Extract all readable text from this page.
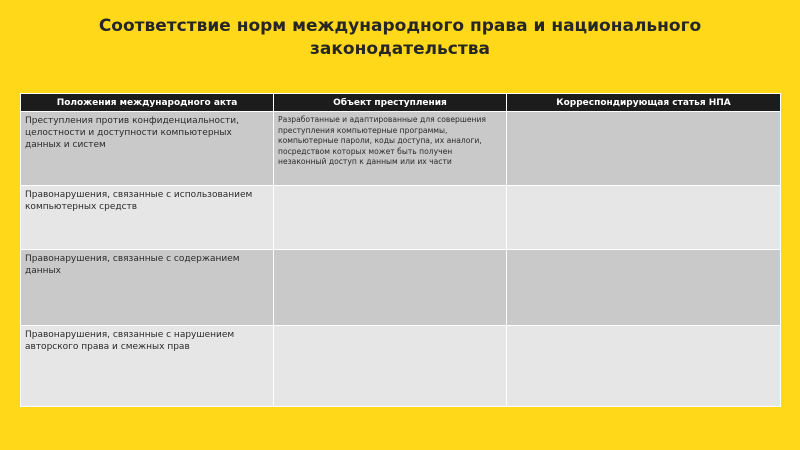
Соответствие норм международного права и национального законодательства
Положения международного акта	Объект преступления	Корреспондирующая статья НПА
Преступления против конфиденциальности, целостности и доступности компьютерных данных и систем	Разработанные и адаптированные для совершения преступления компьютерные программы, компьютерные пароли, коды доступа, их аналоги, посредством которых может быть получен незаконный доступ к данным или их части	
Правонарушения, связанные с использованием компьютерных средств		
Правонарушения, связанные с содержанием данных		
Правонарушения, связанные с нарушением авторского права и смежных прав		
